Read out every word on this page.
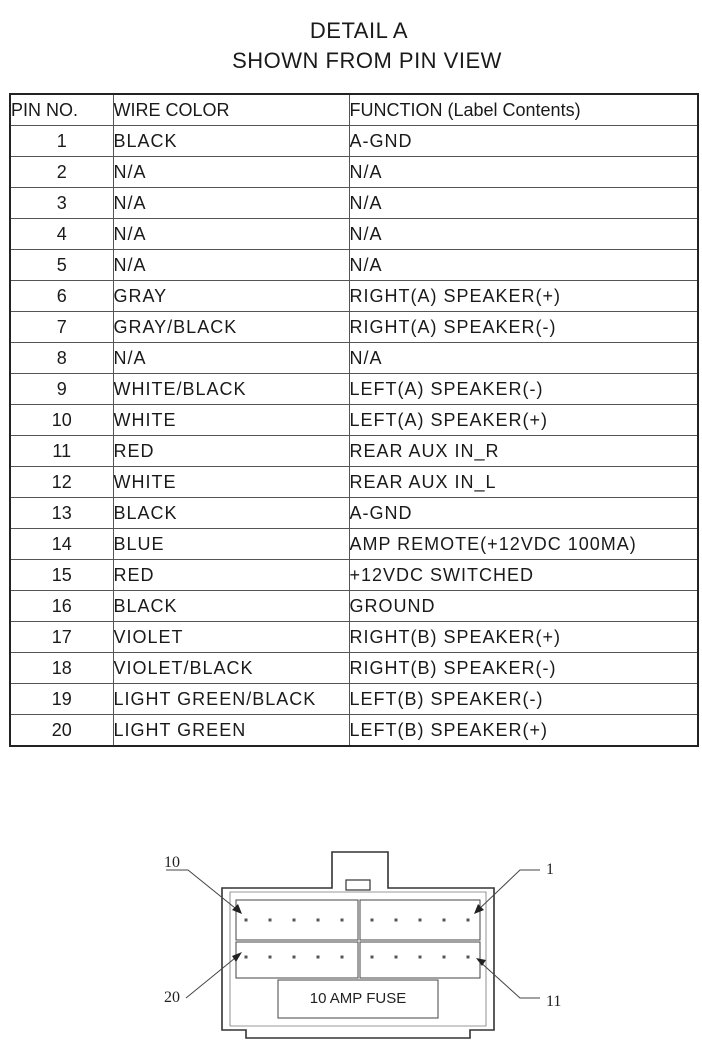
DETAIL A
SHOWN FROM PIN VIEW
PIN NO.	WIRE COLOR	FUNCTION (Label Contents)
1	BLACK	A-GND
2	N/A	N/A
3	N/A	N/A
4	N/A	N/A
5	N/A	N/A
6	GRAY	RIGHT(A) SPEAKER(+)
7	GRAY/BLACK	RIGHT(A) SPEAKER(-)
8	N/A	N/A
9	WHITE/BLACK	LEFT(A) SPEAKER(-)
10	WHITE	LEFT(A) SPEAKER(+)
11	RED	REAR AUX IN_R
12	WHITE	REAR AUX IN_L
13	BLACK	A-GND
14	BLUE	AMP REMOTE(+12VDC 100MA)
15	RED	+12VDC SWITCHED
16	BLACK	GROUND
17	VIOLET	RIGHT(B) SPEAKER(+)
18	VIOLET/BLACK	RIGHT(B) SPEAKER(-)
19	LIGHT GREEN/BLACK	LEFT(B) SPEAKER(-)
20	LIGHT GREEN	LEFT(B) SPEAKER(+)
10 AMP FUSE
10	1
20	11
